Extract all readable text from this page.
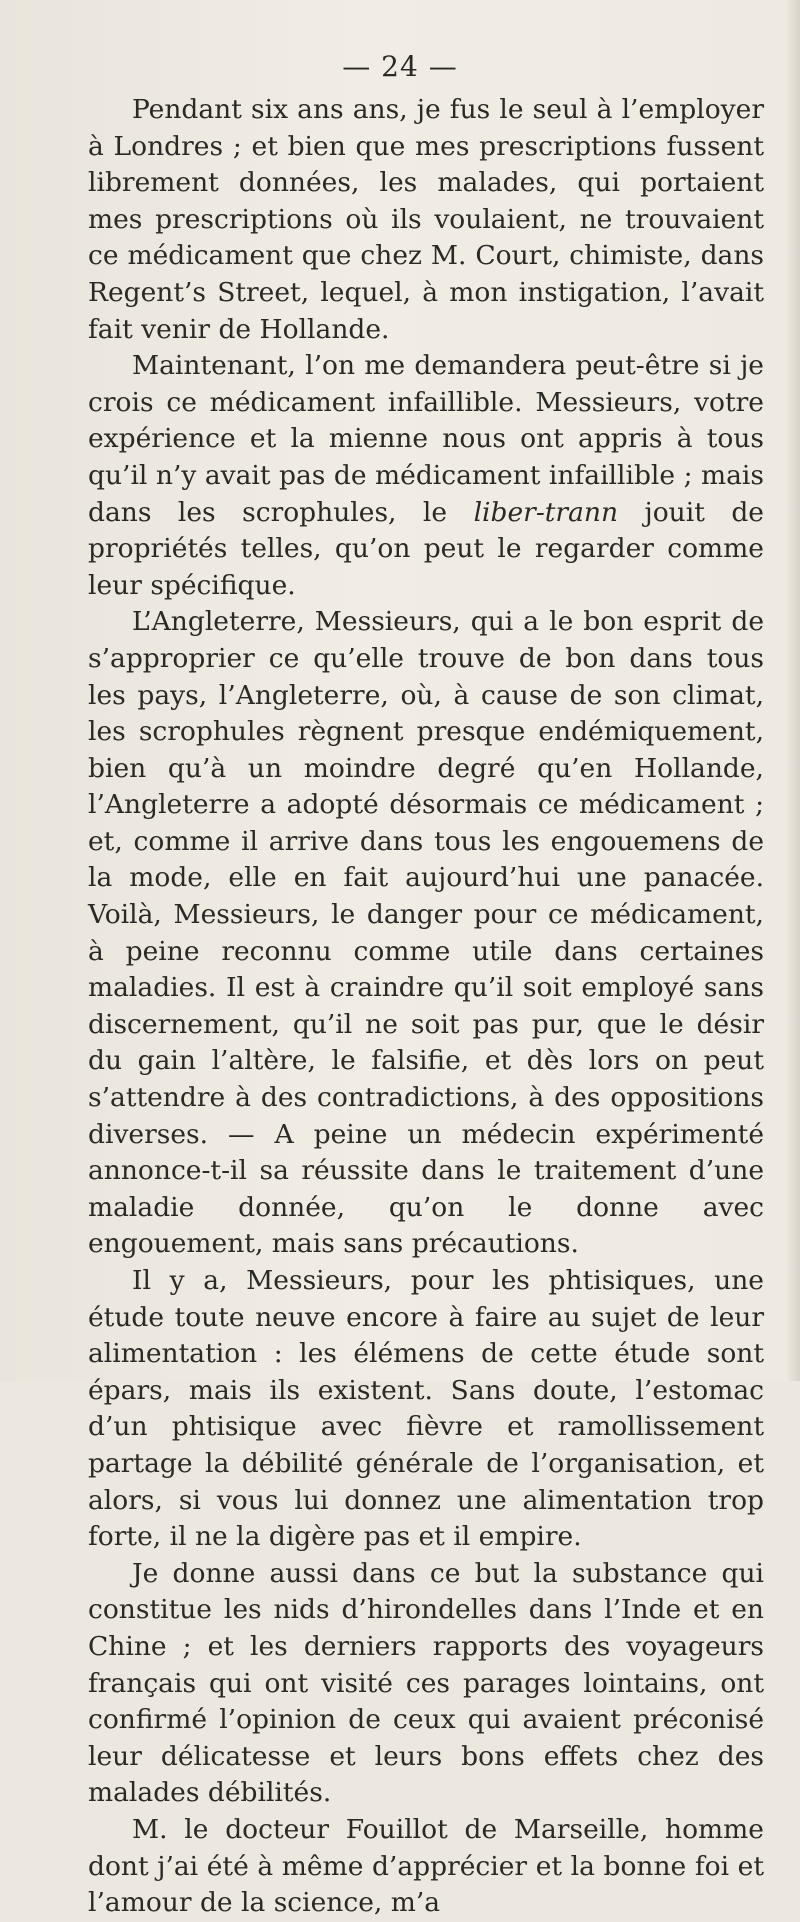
— 24 —

Pendant six ans ans, je fus le seul à l’employer à Londres ; et bien que mes prescriptions fussent librement données, les malades, qui portaient mes prescriptions où ils voulaient, ne trouvaient ce médicament que chez M. Court, chimiste, dans Regent’s Street, lequel, à mon instigation, l’avait fait venir de Hollande.

Maintenant, l’on me demandera peut-être si je crois ce médicament infaillible. Messieurs, votre expérience et la mienne nous ont appris à tous qu’il n’y avait pas de médicament infaillible ; mais dans les scrophules, le liber-trann jouit de propriétés telles, qu’on peut le regarder comme leur spécifique.

L’Angleterre, Messieurs, qui a le bon esprit de s’approprier ce qu’elle trouve de bon dans tous les pays, l’Angleterre, où, à cause de son climat, les scrophules règnent presque endémiquement, bien qu’à un moindre degré qu’en Hollande, l’Angleterre a adopté désormais ce médicament ; et, comme il arrive dans tous les engouemens de la mode, elle en fait aujourd’hui une panacée. Voilà, Messieurs, le danger pour ce médicament, à peine reconnu comme utile dans certaines maladies. Il est à craindre qu’il soit employé sans discernement, qu’il ne soit pas pur, que le désir du gain l’altère, le falsifie, et dès lors on peut s’attendre à des contradictions, à des oppositions diverses. — A peine un médecin expérimenté annonce-t-il sa réussite dans le traitement d’une maladie donnée, qu’on le donne avec engouement, mais sans précautions.

Il y a, Messieurs, pour les phtisiques, une étude toute neuve encore à faire au sujet de leur alimentation : les élémens de cette étude sont épars, mais ils existent. Sans doute, l’estomac d’un phtisique avec fièvre et ramollissement partage la débilité générale de l’organisation, et alors, si vous lui donnez une alimentation trop forte, il ne la digère pas et il empire.

Je donne aussi dans ce but la substance qui constitue les nids d’hirondelles dans l’Inde et en Chine ; et les derniers rapports des voyageurs français qui ont visité ces parages lointains, ont confirmé l’opinion de ceux qui avaient préconisé leur délicatesse et leurs bons effets chez des malades débilités.

M. le docteur Fouillot de Marseille, homme dont j’ai été à même d’apprécier et la bonne foi et l’amour de la science, m’a
